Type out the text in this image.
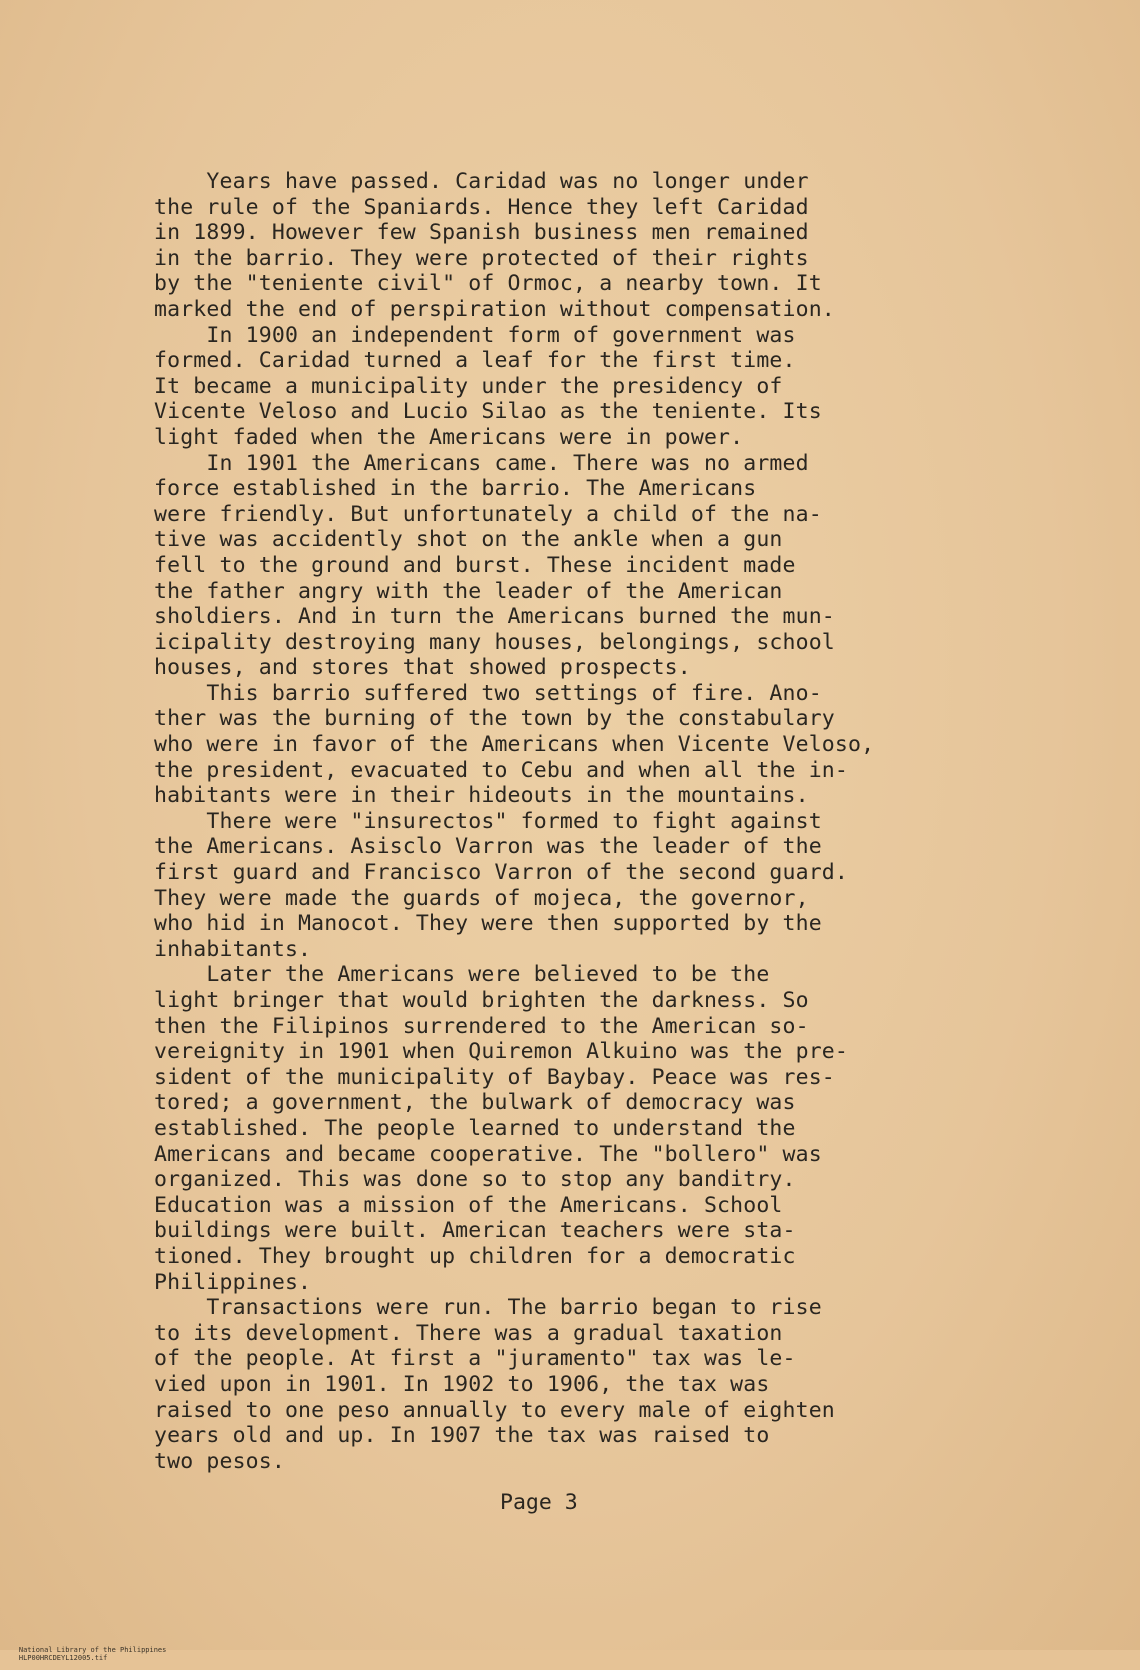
Years have passed. Caridad was no longer under
the rule of the Spaniards. Hence they left Caridad
in 1899. However few Spanish business men remained
in the barrio. They were protected of their rights
by the "teniente civil" of Ormoc, a nearby town. It
marked the end of perspiration without compensation.
In 1900 an independent form of government was
formed. Caridad turned a leaf for the first time.
It became a municipality under the presidency of
Vicente Veloso and Lucio Silao as the teniente. Its
light faded when the Americans were in power.
In 1901 the Americans came. There was no armed
force established in the barrio. The Americans
were friendly. But unfortunately a child of the na-
tive was accidently shot on the ankle when a gun
fell to the ground and burst. These incident made
the father angry with the leader of the American
sholdiers. And in turn the Americans burned the mun-
icipality destroying many houses, belongings, school
houses, and stores that showed prospects.
This barrio suffered two settings of fire. Ano-
ther was the burning of the town by the constabulary
who were in favor of the Americans when Vicente Veloso,
the president, evacuated to Cebu and when all the in-
habitants were in their hideouts in the mountains.
There were "insurectos" formed to fight against
the Americans. Asisclo Varron was the leader of the
first guard and Francisco Varron of the second guard.
They were made the guards of mojeca, the governor,
who hid in Manocot. They were then supported by the
inhabitants.
Later the Americans were believed to be the
light bringer that would brighten the darkness. So
then the Filipinos surrendered to the American so-
vereignity in 1901 when Quiremon Alkuino was the pre-
sident of the municipality of Baybay. Peace was res-
tored; a government, the bulwark of democracy was
established. The people learned to understand the
Americans and became cooperative. The "bollero" was
organized. This was done so to stop any banditry.
Education was a mission of the Americans. School
buildings were built. American teachers were sta-
tioned. They brought up children for a democratic
Philippines.
Transactions were run. The barrio began to rise
to its development. There was a gradual taxation
of the people. At first a "juramento" tax was le-
vied upon in 1901. In 1902 to 1906, the tax was
raised to one peso annually to every male of eighten
years old and up. In 1907 the tax was raised to
two pesos.
Page 3

National Library of the Philippines
HLP00HRCDEYL12005.tif
